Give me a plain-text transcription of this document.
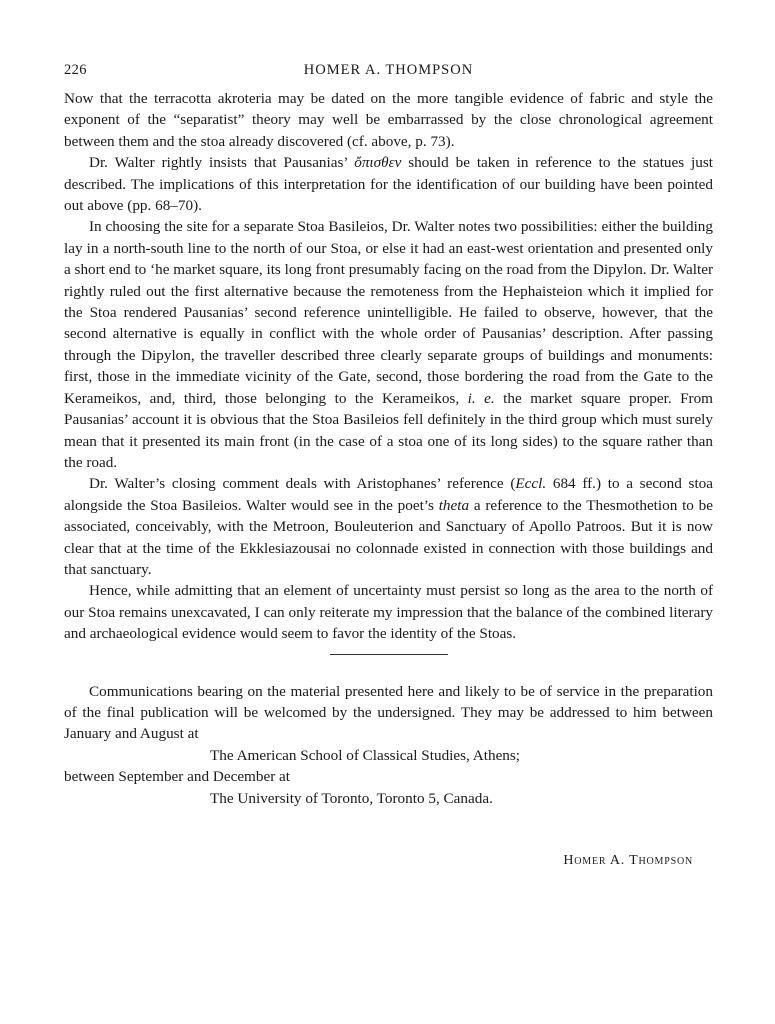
226	HOMER A. THOMPSON

Now that the terracotta akroteria may be dated on the more tangible evidence of fabric and style the exponent of the “separatist” theory may well be embarrassed by the close chronological agreement between them and the stoa already discovered (cf. above, p. 73).

Dr. Walter rightly insists that Pausanias’ ὄπισθεν should be taken in reference to the statues just described. The implications of this interpretation for the identification of our building have been pointed out above (pp. 68–70).

In choosing the site for a separate Stoa Basileios, Dr. Walter notes two possibilities: either the building lay in a north-south line to the north of our Stoa, or else it had an east-west orientation and presented only a short end to ‘he market square, its long front presumably facing on the road from the Dipylon. Dr. Walter rightly ruled out the first alternative because the remoteness from the Hephaisteion which it implied for the Stoa rendered Pausanias’ second reference unintelligible. He failed to observe, however, that the second alternative is equally in conflict with the whole order of Pausanias’ description. After passing through the Dipylon, the traveller described three clearly separate groups of buildings and monuments: first, those in the immediate vicinity of the Gate, second, those bordering the road from the Gate to the Kerameikos, and, third, those belonging to the Kerameikos, i. e. the market square proper. From Pausanias’ account it is obvious that the Stoa Basileios fell definitely in the third group which must surely mean that it presented its main front (in the case of a stoa one of its long sides) to the square rather than the road.

Dr. Walter’s closing comment deals with Aristophanes’ reference (Eccl. 684 ff.) to a second stoa alongside the Stoa Basileios. Walter would see in the poet’s theta a reference to the Thesmothetion to be associated, conceivably, with the Metroon, Bouleuterion and Sanctuary of Apollo Patroos. But it is now clear that at the time of the Ekklesiazousai no colonnade existed in connection with those buildings and that sanctuary.

Hence, while admitting that an element of uncertainty must persist so long as the area to the north of our Stoa remains unexcavated, I can only reiterate my impression that the balance of the combined literary and archaeological evidence would seem to favor the identity of the Stoas.

Communications bearing on the material presented here and likely to be of service in the preparation of the final publication will be welcomed by the undersigned. They may be addressed to him between January and August at

The American School of Classical Studies, Athens;

between September and December at

The University of Toronto, Toronto 5, Canada.

Homer A. Thompson
